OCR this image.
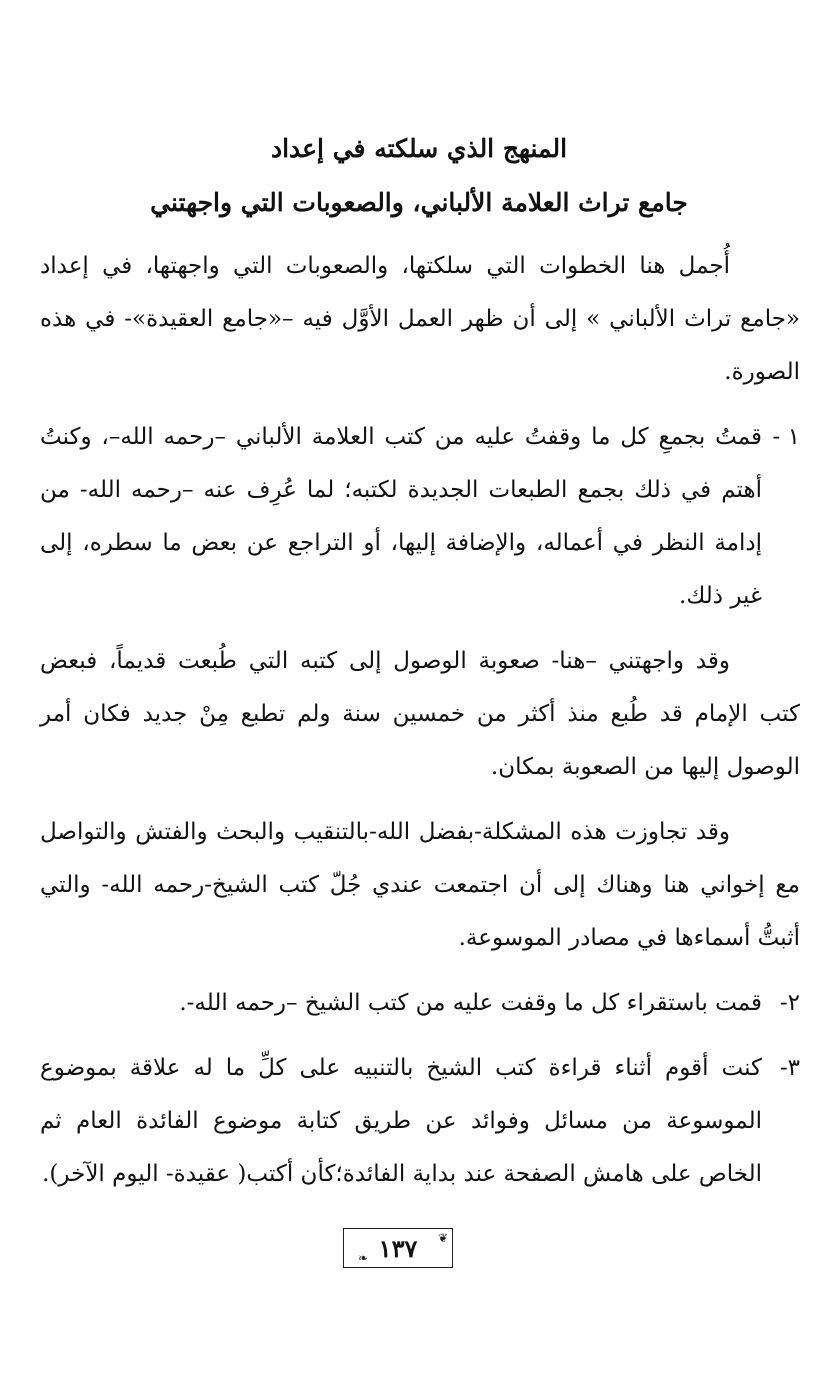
المنهج الذي سلكته في إعداد
جامع تراث العلامة الألباني، والصعوبات التي واجهتني

أُجمل هنا الخطوات التي سلكتها، والصعوبات التي واجهتها، في إعداد «جامع تراث الألباني » إلى أن ظهر العمل الأوَّل فيه –«جامع العقيدة»- في هذه الصورة.

١ -
قمتُ بجمعِ كل ما وقفتُ عليه من كتب العلامة الألباني –رحمه الله–، وكنتُ أهتم في ذلك بجمع الطبعات الجديدة لكتبه؛ لما عُرِف عنه –رحمه الله- من إدامة النظر في أعماله، والإضافة إليها، أو التراجع عن بعض ما سطره، إلى غير ذلك.

وقد واجهتني –هنا- صعوبة الوصول إلى كتبه التي طُبعت قديماً، فبعض كتب الإمام قد طُبع منذ أكثر من خمسين سنة ولم تطبع مِنْ جديد فكان أمر الوصول إليها من الصعوبة بمكان.

وقد تجاوزت هذه المشكلة-بفضل الله-بالتنقيب والبحث والفتش والتواصل مع إخواني هنا وهناك إلى أن اجتمعت عندي جُلّ كتب الشيخ-رحمه الله- والتي أثبتُّ أسماءها في مصادر الموسوعة.

٢-
قمت باستقراء كل ما وقفت عليه من كتب الشيخ –رحمه الله-.
٣-
كنت أقوم أثناء قراءة كتب الشيخ بالتنبيه على كلِّ ما له علاقة بموضوع الموسوعة من مسائل وفوائد عن طريق كتابة موضوع الفائدة العام ثم الخاص على هامش الصفحة عند بداية الفائدة؛كأن أكتب( عقيدة- اليوم الآخر).
❦
١٣٧
❧
